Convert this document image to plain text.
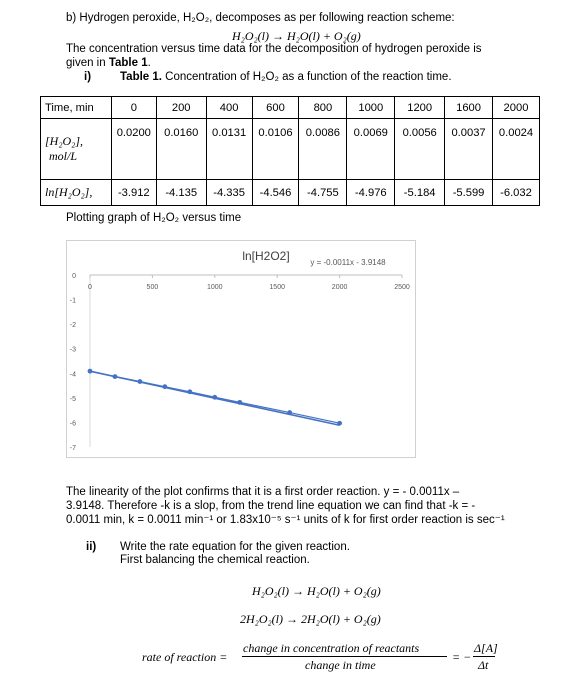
b) Hydrogen peroxide, H₂O₂, decomposes as per following reaction scheme:
H₂O₂(l) → H₂O(l) + O₂(g)
The concentration versus time data for the decomposition of hydrogen peroxide is
given in Table 1.
i)	Table 1. Concentration of H₂O₂ as a function of the reaction time.
Time, min	0	200	400	600	800	1000	1200	1600	2000

[H₂O₂],
mol/L	0.0200	0.0160	0.0131	0.0106	0.0086	0.0069	0.0056	0.0037	0.0024
ln[H₂O₂],	-3.912	-4.135	-4.335	-4.546	-4.755	-4.976	-5.184	-5.599	-6.032
Plotting graph of H₂O₂ versus time
ln[H2O2]	y = -0.0011x - 3.9148
0
-1
-2
-3
-4
-5
-6
-7
0	500	1000	1500	2000	2500
The linearity of the plot confirms that it is a first order reaction. y = - 0.0011x –
3.9148. Therefore -k is a slop, from the trend line equation we can find that -k = -
0.0011 min, k = 0.0011 min⁻¹ or 1.83x10⁻⁵ s⁻¹ units of k for first order reaction is sec⁻¹
ii) Write the rate equation for the given reaction.
First balancing the chemical reaction.
H₂O₂(l) → H₂O(l) + O₂(g)
2H₂O₂(l) → 2H₂O(l) + O₂(g)
rate of reaction =
change in concentration of reactants
change in time
= −
Δ[A]
Δt
